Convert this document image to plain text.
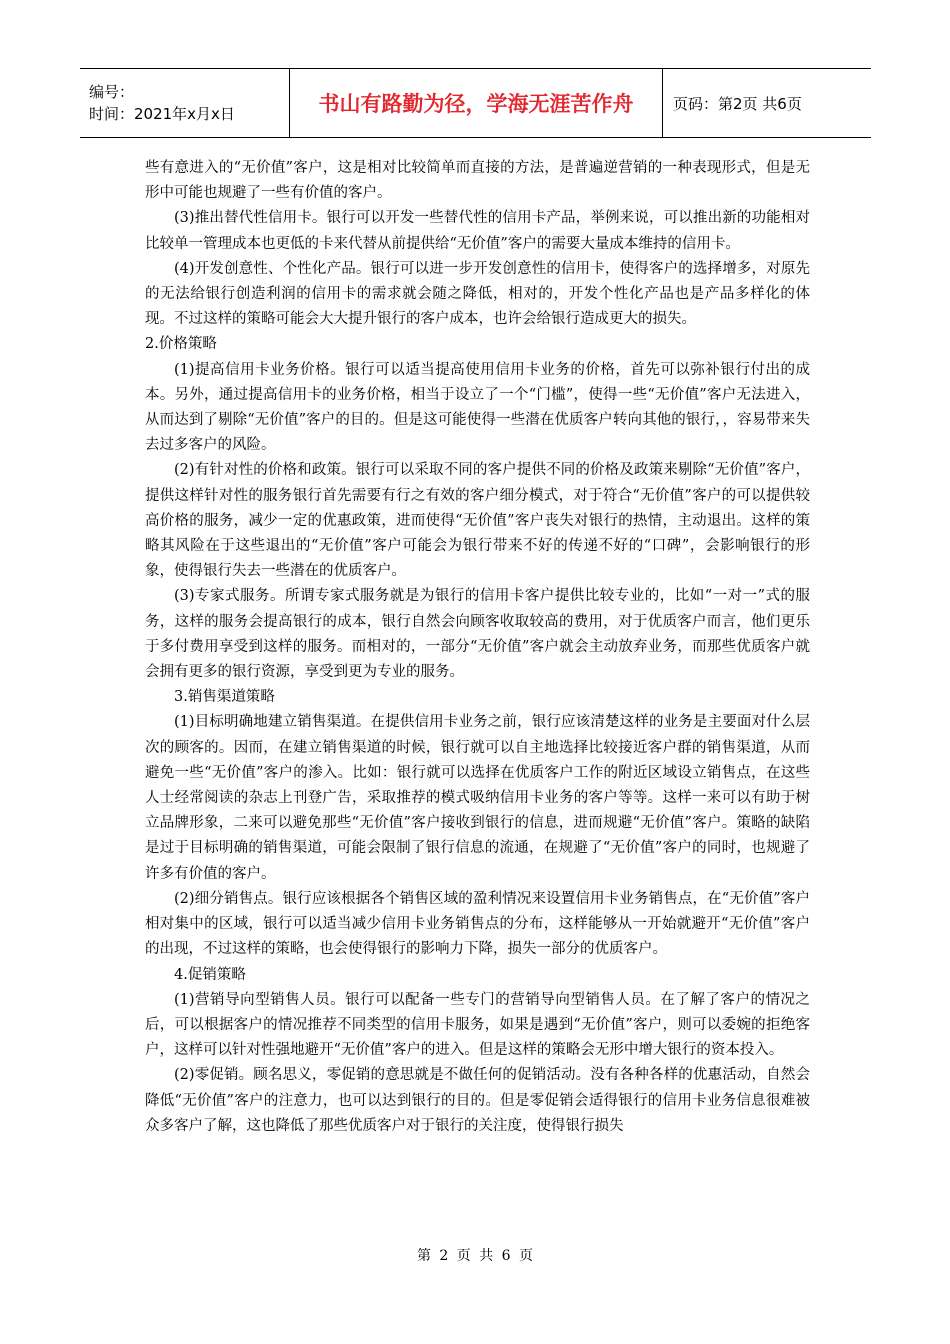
编号：
时间：2021年x月x日	书山有路勤为径，学海无涯苦作舟	页码：第2页 共6页

些有意进入的“无价值”客户，这是相对比较简单而直接的方法，是普遍逆营销的一种表现形式，但是无形中可能也规避了一些有价值的客户。

(3)推出替代性信用卡。银行可以开发一些替代性的信用卡产品，举例来说，可以推出新的功能相对比较单一管理成本也更低的卡来代替从前提供给“无价值”客户的需要大量成本维持的信用卡。

(4)开发创意性、个性化产品。银行可以进一步开发创意性的信用卡，使得客户的选择增多，对原先的无法给银行创造利润的信用卡的需求就会随之降低，相对的，开发个性化产品也是产品多样化的体现。不过这样的策略可能会大大提升银行的客户成本，也许会给银行造成更大的损失。

2.价格策略

(1)提高信用卡业务价格。银行可以适当提高使用信用卡业务的价格，首先可以弥补银行付出的成本。另外，通过提高信用卡的业务价格，相当于设立了一个“门槛”，使得一些“无价值”客户无法进入，从而达到了剔除“无价值”客户的目的。但是这可能使得一些潜在优质客户转向其他的银行，，容易带来失去过多客户的风险。

(2)有针对性的价格和政策。银行可以采取不同的客户提供不同的价格及政策来剔除“无价值”客户，提供这样针对性的服务银行首先需要有行之有效的客户细分模式，对于符合“无价值”客户的可以提供较高价格的服务，减少一定的优惠政策，进而使得“无价值”客户丧失对银行的热情，主动退出。这样的策略其风险在于这些退出的“无价值”客户可能会为银行带来不好的传递不好的“口碑”，会影响银行的形象，使得银行失去一些潜在的优质客户。

(3)专家式服务。所谓专家式服务就是为银行的信用卡客户提供比较专业的，比如“一对一”式的服务，这样的服务会提高银行的成本，银行自然会向顾客收取较高的费用，对于优质客户而言，他们更乐于多付费用享受到这样的服务。而相对的，一部分“无价值”客户就会主动放弃业务，而那些优质客户就会拥有更多的银行资源，享受到更为专业的服务。

3.销售渠道策略

(1)目标明确地建立销售渠道。在提供信用卡业务之前，银行应该清楚这样的业务是主要面对什么层次的顾客的。因而，在建立销售渠道的时候，银行就可以自主地选择比较接近客户群的销售渠道，从而避免一些“无价值”客户的渗入。比如：银行就可以选择在优质客户工作的附近区域设立销售点，在这些人士经常阅读的杂志上刊登广告，采取推荐的模式吸纳信用卡业务的客户等等。这样一来可以有助于树立品牌形象，二来可以避免那些“无价值”客户接收到银行的信息，进而规避“无价值”客户。策略的缺陷是过于目标明确的销售渠道，可能会限制了银行信息的流通，在规避了“无价值”客户的同时，也规避了许多有价值的客户。

(2)细分销售点。银行应该根据各个销售区域的盈利情况来设置信用卡业务销售点，在“无价值”客户相对集中的区域，银行可以适当减少信用卡业务销售点的分布，这样能够从一开始就避开“无价值”客户的出现，不过这样的策略，也会使得银行的影响力下降，损失一部分的优质客户。

4.促销策略

(1)营销导向型销售人员。银行可以配备一些专门的营销导向型销售人员。在了解了客户的情况之后，可以根据客户的情况推荐不同类型的信用卡服务，如果是遇到“无价值”客户，则可以委婉的拒绝客户，这样可以针对性强地避开“无价值”客户的进入。但是这样的策略会无形中增大银行的资本投入。

(2)零促销。顾名思义，零促销的意思就是不做任何的促销活动。没有各种各样的优惠活动，自然会降低“无价值”客户的注意力，也可以达到银行的目的。但是零促销会适得银行的信用卡业务信息很难被众多客户了解，这也降低了那些优质客户对于银行的关注度，使得银行损失

第 2 页 共 6 页
